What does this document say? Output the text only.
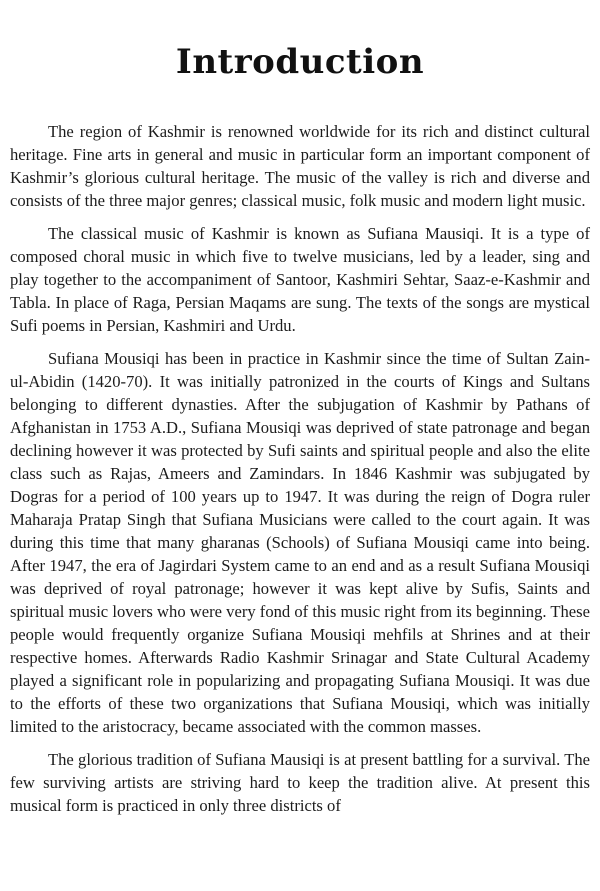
Introduction

The region of Kashmir is renowned worldwide for its rich and distinct cultural heritage. Fine arts in general and music in particular form an important component of Kashmir’s glorious cultural heritage. The music of the valley is rich and diverse and consists of the three major genres; classical music, folk music and modern light music.

The classical music of Kashmir is known as Sufiana Mausiqi. It is a type of composed choral music in which five to twelve musicians, led by a leader, sing and play together to the accompaniment of Santoor, Kashmiri Sehtar, Saaz-e-Kashmir and Tabla. In place of Raga, Persian Maqams are sung. The texts of the songs are mystical Sufi poems in Persian, Kashmiri and Urdu.

Sufiana Mousiqi has been in practice in Kashmir since the time of Sultan Zain-ul-Abidin (1420-70). It was initially patronized in the courts of Kings and Sultans belonging to different dynasties. After the subjugation of Kashmir by Pathans of Afghanistan in 1753 A.D., Sufiana Mousiqi was deprived of state patronage and began declining however it was protected by Sufi saints and spiritual people and also the elite class such as Rajas, Ameers and Zamindars. In 1846 Kashmir was subjugated by Dogras for a period of 100 years up to 1947. It was during the reign of Dogra ruler Maharaja Pratap Singh that Sufiana Musicians were called to the court again. It was during this time that many gharanas (Schools) of Sufiana Mousiqi came into being. After 1947, the era of Jagirdari System came to an end and as a result Sufiana Mousiqi was deprived of royal patronage; however it was kept alive by Sufis, Saints and spiritual music lovers who were very fond of this music right from its beginning. These people would frequently organize Sufiana Mousiqi mehfils at Shrines and at their respective homes. Afterwards Radio Kashmir Srinagar and State Cultural Academy played a significant role in popularizing and propagating Sufiana Mousiqi. It was due to the efforts of these two organizations that Sufiana Mousiqi, which was initially limited to the aristocracy, became associated with the common masses.

The glorious tradition of Sufiana Mausiqi is at present battling for a survival. The few surviving artists are striving hard to keep the tradition alive. At present this musical form is practiced in only three districts of
